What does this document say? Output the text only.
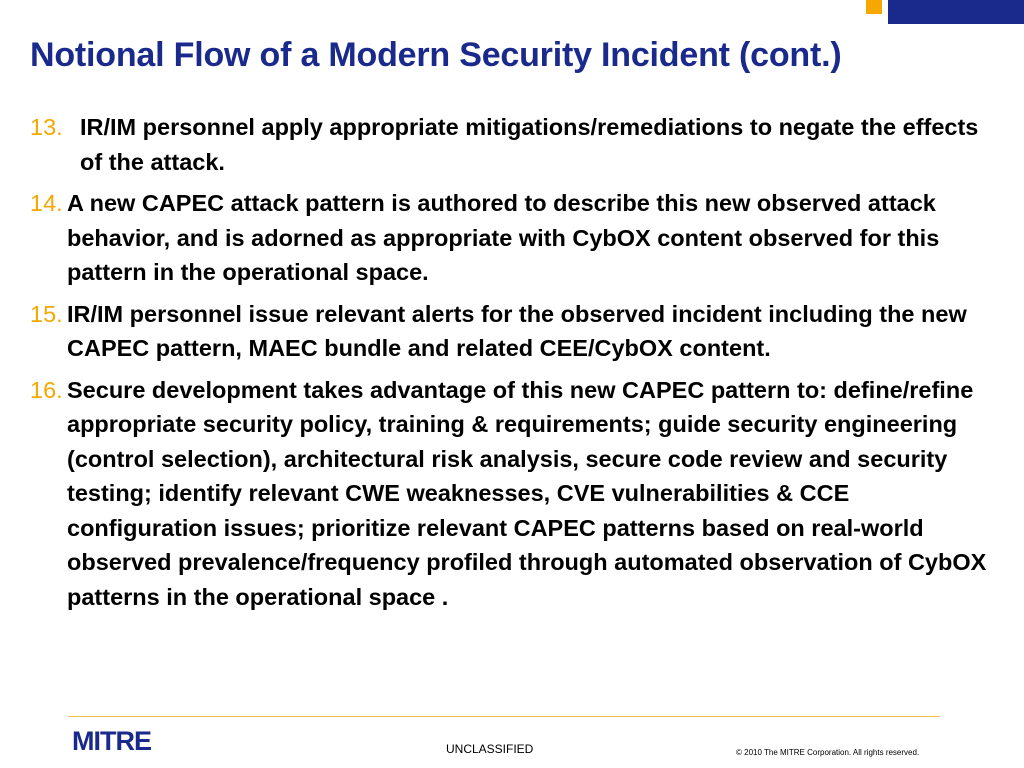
Notional Flow of a Modern Security Incident (cont.)
13. IR/IM personnel apply appropriate mitigations/remediations to negate the effects of the attack.
14. A new CAPEC attack pattern is authored to describe this new observed attack behavior, and is adorned as appropriate with CybOX content observed for this pattern in the operational space.
15. IR/IM personnel issue relevant alerts for the observed incident including the new CAPEC pattern, MAEC bundle and related CEE/CybOX content.
16. Secure development takes advantage of this new CAPEC pattern to: define/refine appropriate security policy, training & requirements; guide security engineering (control selection), architectural risk analysis, secure code review and security testing; identify relevant CWE weaknesses, CVE vulnerabilities & CCE configuration issues; prioritize relevant CAPEC patterns based on real-world observed prevalence/frequency profiled through automated observation of CybOX patterns in the operational space .
MITRE	UNCLASSIFIED	© 2010 The MITRE Corporation. All rights reserved.
